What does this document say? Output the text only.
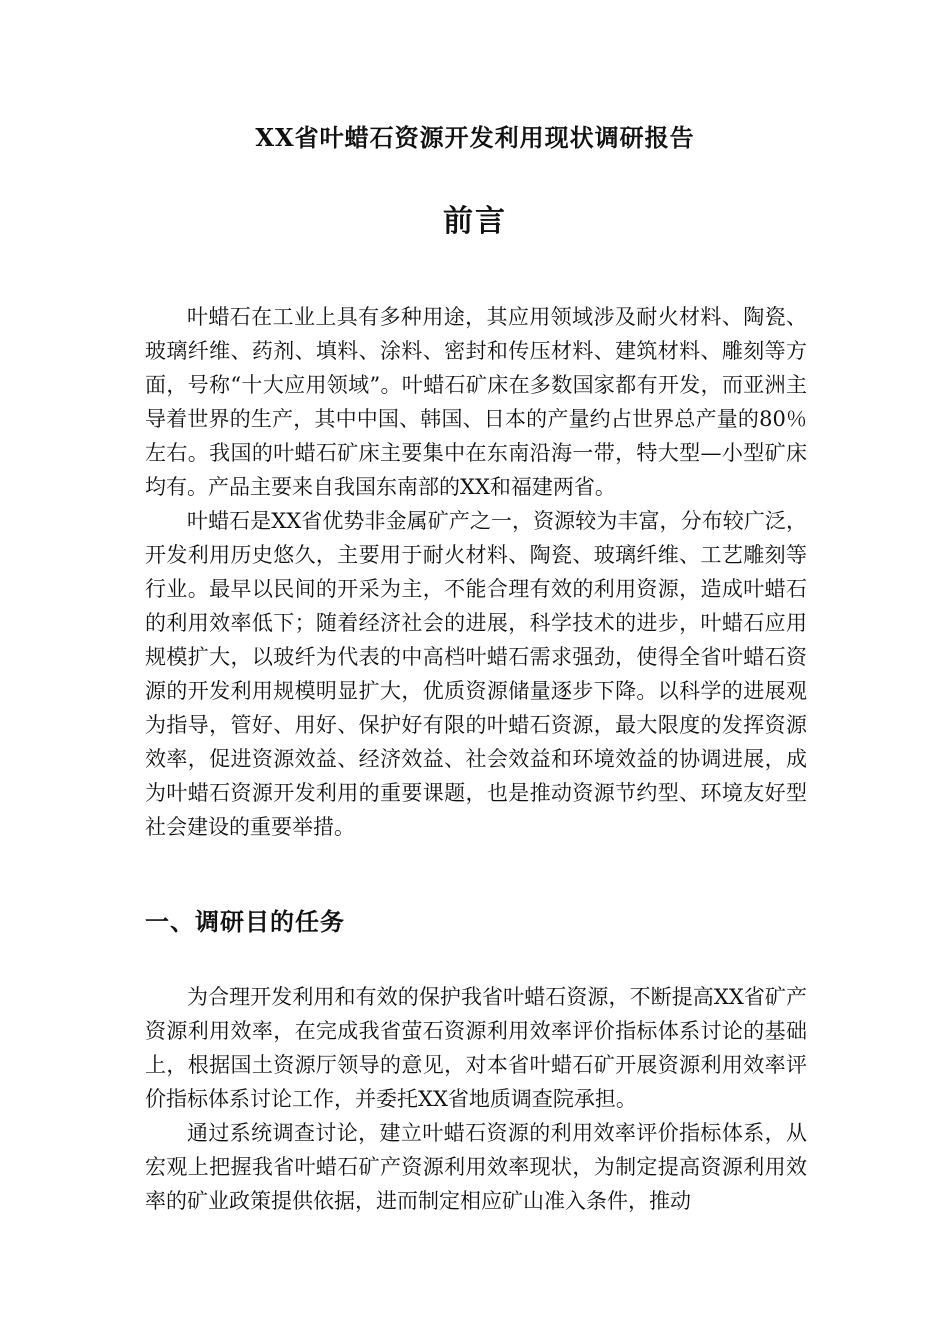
XX省叶蜡石资源开发利用现状调研报告
前言

叶蜡石在工业上具有多种用途，其应用领域涉及耐火材料、陶瓷、玻璃纤维、药剂、填料、涂料、密封和传压材料、建筑材料、雕刻等方面，号称“十大应用领域”。叶蜡石矿床在多数国家都有开发，而亚洲主导着世界的生产，其中中国、韩国、日本的产量约占世界总产量的80％左右。我国的叶蜡石矿床主要集中在东南沿海一带，特大型—小型矿床均有。产品主要来自我国东南部的XX和福建两省。

叶蜡石是XX省优势非金属矿产之一，资源较为丰富，分布较广泛，开发利用历史悠久，主要用于耐火材料、陶瓷、玻璃纤维、工艺雕刻等行业。最早以民间的开采为主，不能合理有效的利用资源，造成叶蜡石的利用效率低下；随着经济社会的进展，科学技术的进步，叶蜡石应用规模扩大，以玻纤为代表的中高档叶蜡石需求强劲，使得全省叶蜡石资源的开发利用规模明显扩大，优质资源储量逐步下降。以科学的进展观为指导，管好、用好、保护好有限的叶蜡石资源，最大限度的发挥资源效率，促进资源效益、经济效益、社会效益和环境效益的协调进展，成为叶蜡石资源开发利用的重要课题，也是推动资源节约型、环境友好型社会建设的重要举措。

一、调研目的任务

为合理开发利用和有效的保护我省叶蜡石资源，不断提高XX省矿产资源利用效率，在完成我省萤石资源利用效率评价指标体系讨论的基础上，根据国土资源厅领导的意见，对本省叶蜡石矿开展资源利用效率评价指标体系讨论工作，并委托XX省地质调查院承担。

通过系统调查讨论，建立叶蜡石资源的利用效率评价指标体系，从宏观上把握我省叶蜡石矿产资源利用效率现状，为制定提高资源利用效率的矿业政策提供依据，进而制定相应矿山准入条件，推动
